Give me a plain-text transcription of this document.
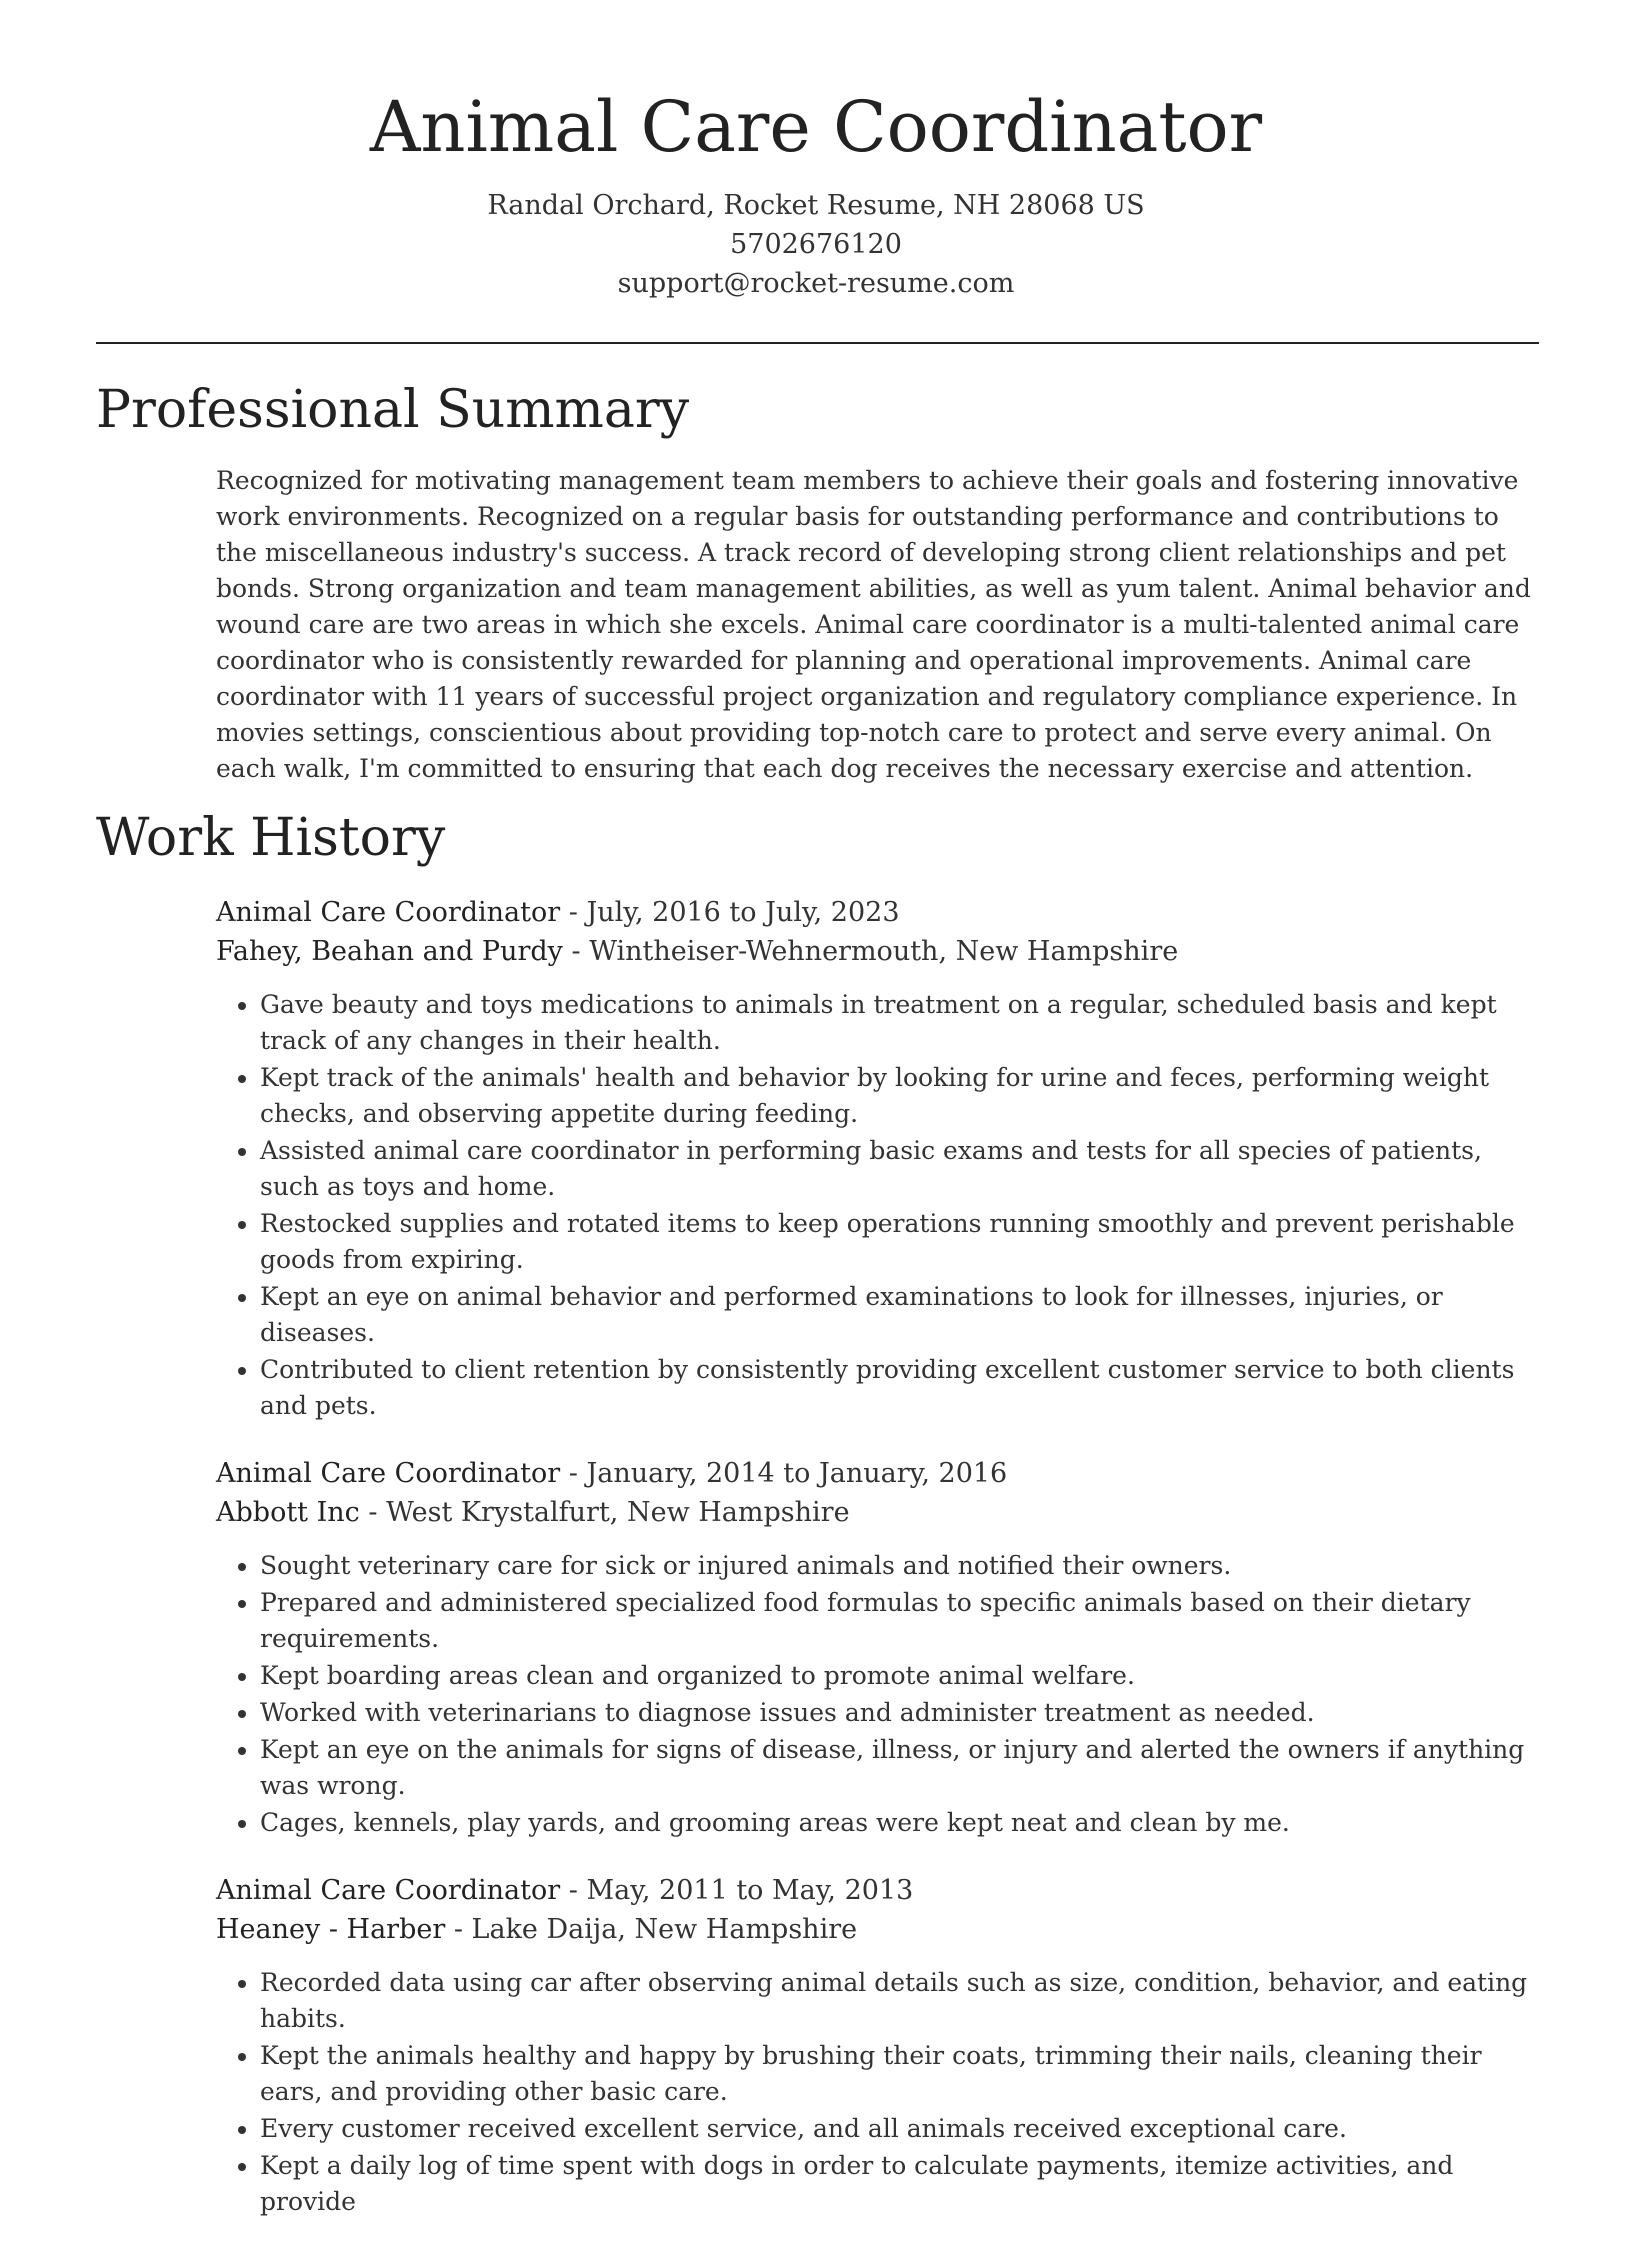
Animal Care Coordinator
Randal Orchard, Rocket Resume, NH 28068 US
5702676120
support@rocket-resume.com
Professional Summary

Recognized for motivating management team members to achieve their goals and fostering innovative work environments. Recognized on a regular basis for outstanding performance and contributions to the miscellaneous industry's success. A track record of developing strong client relationships and pet bonds. Strong organization and team management abilities, as well as yum talent. Animal behavior and wound care are two areas in which she excels. Animal care coordinator is a multi-talented animal care coordinator who is consistently rewarded for planning and operational improvements. Animal care coordinator with 11 years of successful project organization and regulatory compliance experience. In movies settings, conscientious about providing top-notch care to protect and serve every animal. On each walk, I'm committed to ensuring that each dog receives the necessary exercise and attention.

Work History
Animal Care Coordinator - July, 2016 to July, 2023
Fahey, Beahan and Purdy - Wintheiser-Wehnermouth, New Hampshire
• Gave beauty and toys medications to animals in treatment on a regular, scheduled basis and kept track of any changes in their health.
• Kept track of the animals' health and behavior by looking for urine and feces, performing weight checks, and observing appetite during feeding.
• Assisted animal care coordinator in performing basic exams and tests for all species of patients, such as toys and home.
• Restocked supplies and rotated items to keep operations running smoothly and prevent perishable goods from expiring.
• Kept an eye on animal behavior and performed examinations to look for illnesses, injuries, or diseases.
• Contributed to client retention by consistently providing excellent customer service to both clients and pets.
Animal Care Coordinator - January, 2014 to January, 2016
Abbott Inc - West Krystalfurt, New Hampshire
• Sought veterinary care for sick or injured animals and notified their owners.
• Prepared and administered specialized food formulas to specific animals based on their dietary requirements.
• Kept boarding areas clean and organized to promote animal welfare.
• Worked with veterinarians to diagnose issues and administer treatment as needed.
• Kept an eye on the animals for signs of disease, illness, or injury and alerted the owners if anything was wrong.
• Cages, kennels, play yards, and grooming areas were kept neat and clean by me.
Animal Care Coordinator - May, 2011 to May, 2013
Heaney - Harber - Lake Daija, New Hampshire
• Recorded data using car after observing animal details such as size, condition, behavior, and eating habits.
• Kept the animals healthy and happy by brushing their coats, trimming their nails, cleaning their ears, and providing other basic care.
• Every customer received excellent service, and all animals received exceptional care.
• Kept a daily log of time spent with dogs in order to calculate payments, itemize activities, and provide
